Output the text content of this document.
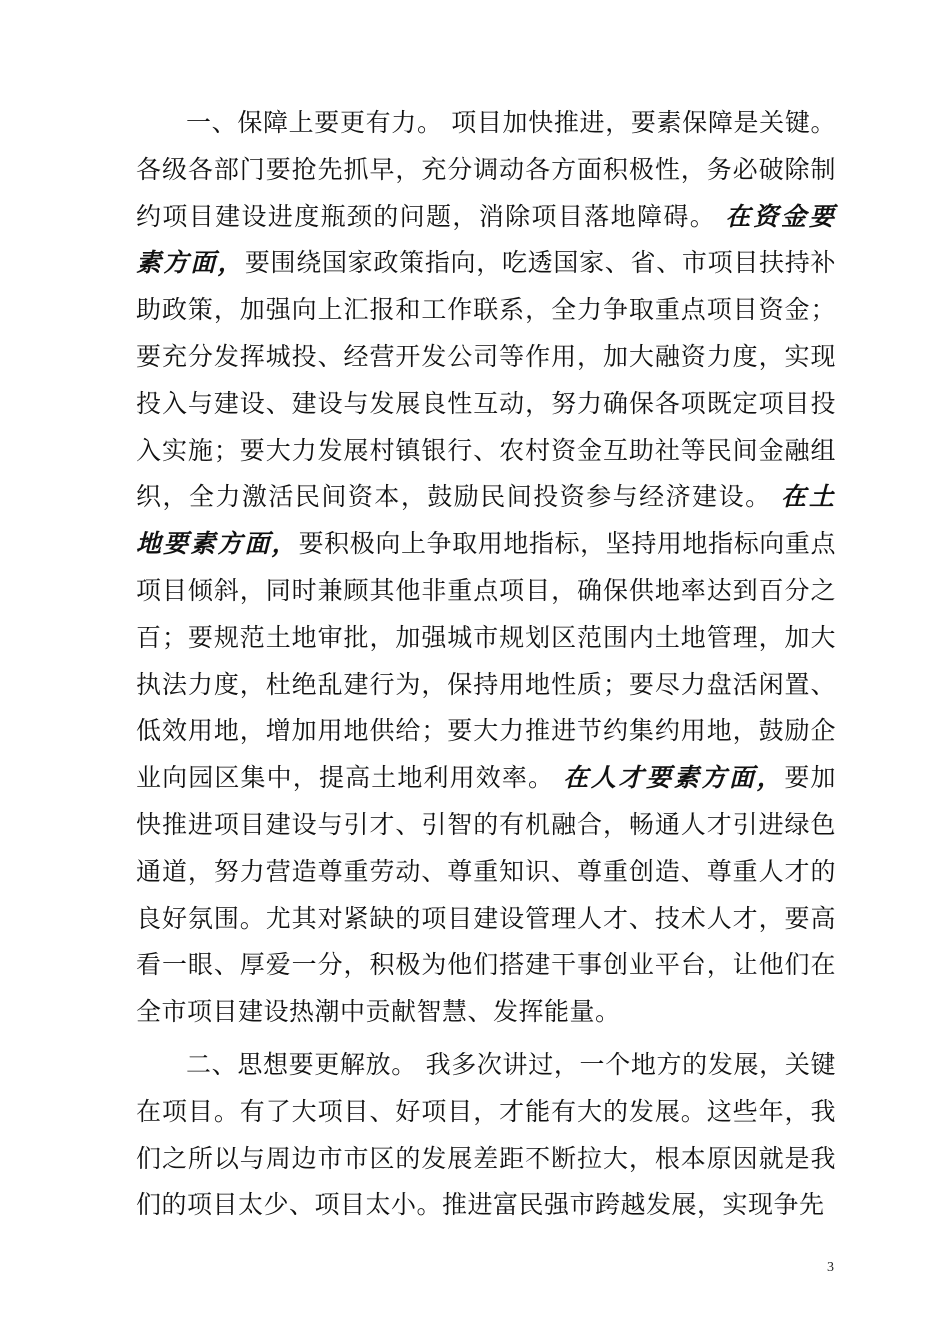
一、保障上要更有力。 项目加快推进，要素保障是关键。各级各部门要抢先抓早，充分调动各方面积极性，务必破除制约项目建设进度瓶颈的问题，消除项目落地障碍。 在资金要素方面，要围绕国家政策指向，吃透国家、省、市项目扶持补助政策，加强向上汇报和工作联系，全力争取重点项目资金；要充分发挥城投、经营开发公司等作用，加大融资力度，实现投入与建设、建设与发展良性互动，努力确保各项既定项目投入实施；要大力发展村镇银行、农村资金互助社等民间金融组织，全力激活民间资本，鼓励民间投资参与经济建设。 在土地要素方面，要积极向上争取用地指标，坚持用地指标向重点项目倾斜，同时兼顾其他非重点项目，确保供地率达到百分之百；要规范土地审批，加强城市规划区范围内土地管理，加大执法力度，杜绝乱建行为，保持用地性质；要尽力盘活闲置、低效用地，增加用地供给；要大力推进节约集约用地，鼓励企业向园区集中，提高土地利用效率。 在人才要素方面，要加快推进项目建设与引才、引智的有机融合，畅通人才引进绿色通道，努力营造尊重劳动、尊重知识、尊重创造、尊重人才的良好氛围。尤其对紧缺的项目建设管理人才、技术人才，要高看一眼、厚爱一分，积极为他们搭建干事创业平台，让他们在全市项目建设热潮中贡献智慧、发挥能量。

二、思想要更解放。 我多次讲过，一个地方的发展，关键在项目。有了大项目、好项目，才能有大的发展。这些年，我们之所以与周边市市区的发展差距不断拉大，根本原因就是我们的项目太少、项目太小。推进富民强市跨越发展，实现争先

3
